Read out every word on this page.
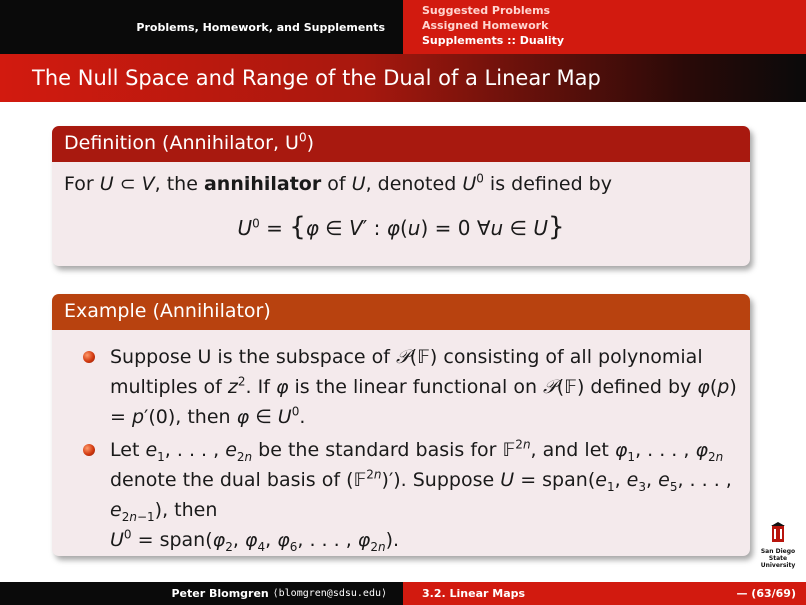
Problems, Homework, and Supplements
Suggested Problems
Assigned Homework
Supplements :: Duality
The Null Space and Range of the Dual of a Linear Map
Definition (Annihilator, $U^0$)
For U ⊂ V, the annihilator of U, denoted $U^0$ is defined by
$U^0 = \{\varphi$ ∈ V′ : φ(u) = 0 ∀u ∈ U}
Example (Annihilator)
Suppose U is the subspace of 𝒫(𝔽) consisting of all polynomial multiples of $z^2$. If φ is the linear functional on 𝒫(𝔽) defined by φ(p) = p′(0), then φ ∈ $U^0$.
Let $e_1$, . . . , $e_{2n}$ be the standard basis for 𝔽$^{2n}$, and let $\varphi_1$, . . . , $\varphi_{2n}$ denote the dual basis of (𝔽$^{2n}$)′). Suppose $U = span(e_1$, $e_3$, $e_5$, . . . , $e_{2n-1}$), then
$U^0$ = $span(\varphi_2$, $\varphi_4$, $\varphi_6$, . . . , $\varphi_{2n}$).
San Diego State
University
Peter Blomgren
⟨blomgren@sdsu.edu⟩	3.2. Linear Maps	— (63/69)
